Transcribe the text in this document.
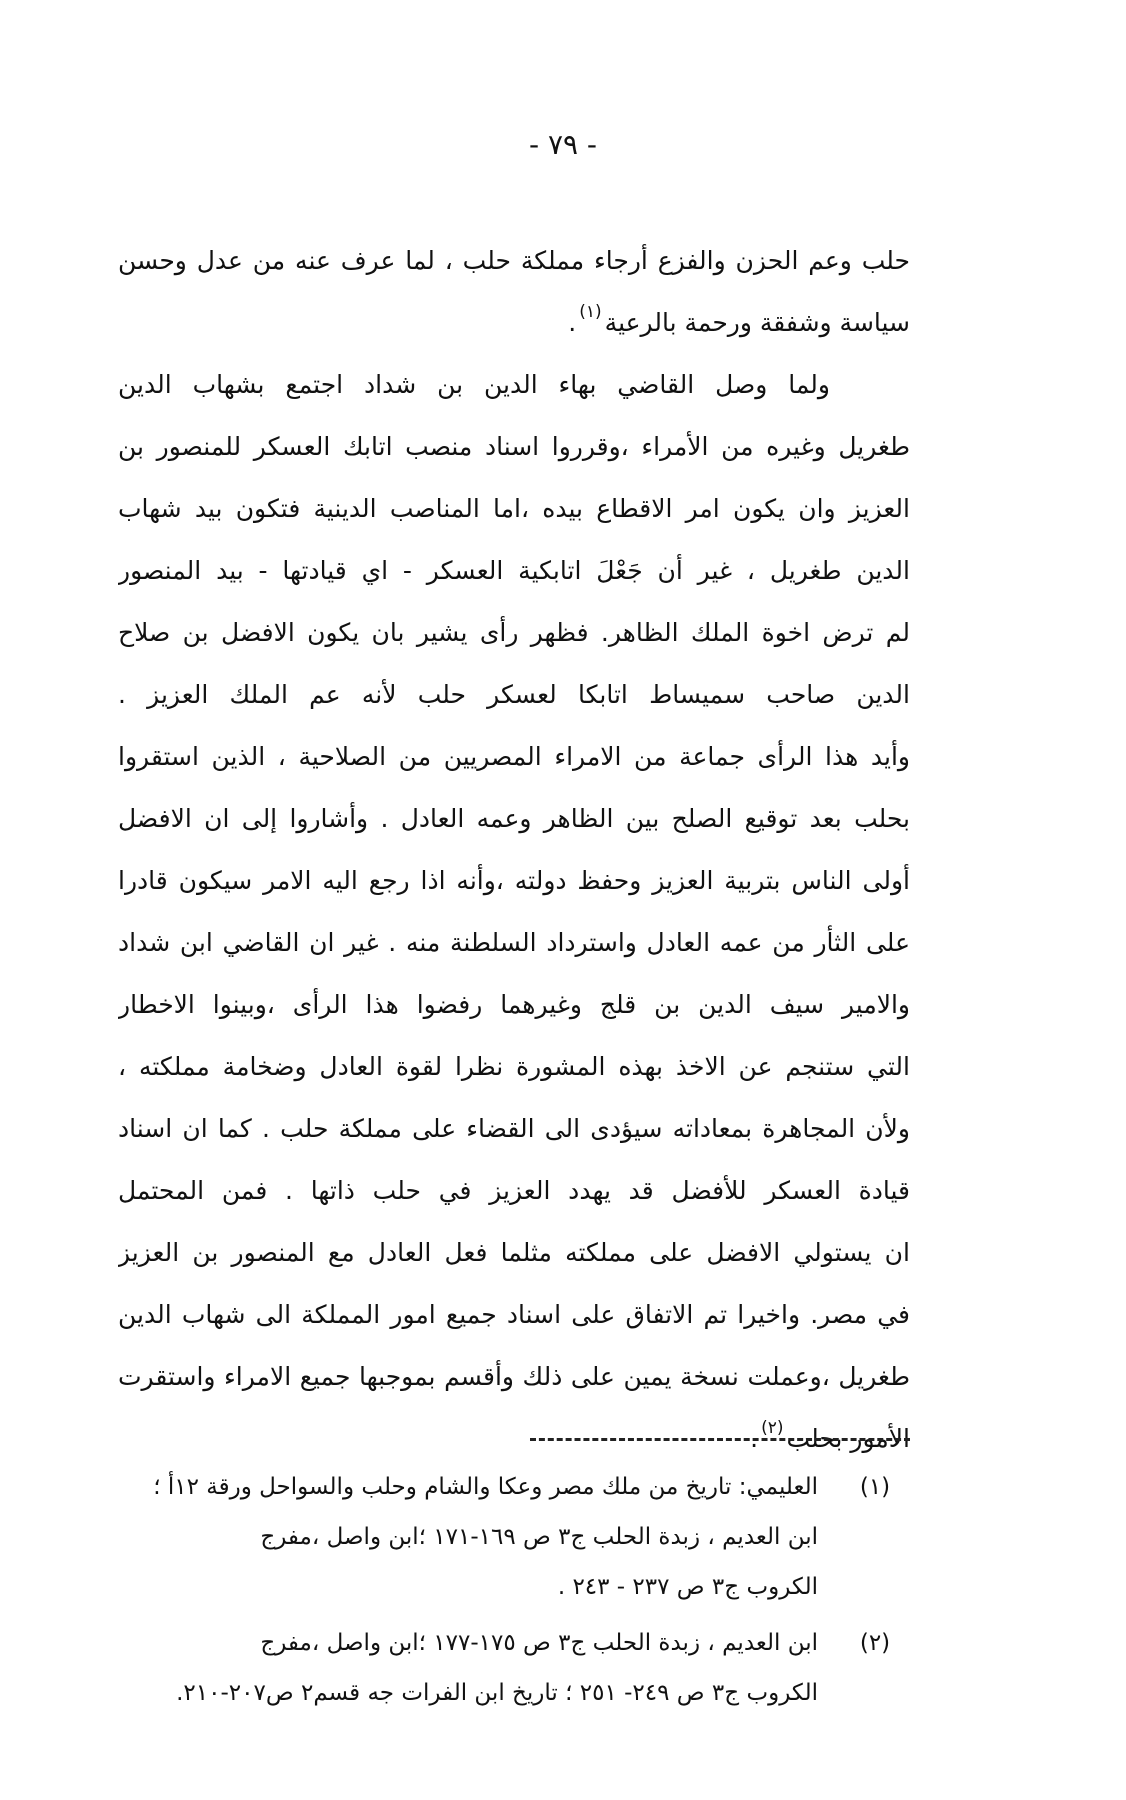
- ٧٩ -

حلب وعم الحزن والفزع أرجاء مملكة حلب ، لما عرف عنه من عدل وحسن
سياسة وشفقة ورحمة بالرعية$^{(١)}$.

ولما وصل القاضي بهاء الدين بن شداد اجتمع بشهاب الدين
طغريل وغيره من الأمراء ،وقرروا اسناد منصب اتابك العسكر للمنصور بن
العزيز وان يكون امر الاقطاع بيده ،اما المناصب الدينية فتكون بيد شهاب
الدين طغريل ، غير أن جَعْلَ اتابكية العسكر - اي قيادتها - بيد المنصور
لم ترض اخوة الملك الظاهر. فظهر رأى يشير بان يكون الافضل بن صلاح
الدين صاحب سميساط اتابكا لعسكر حلب لأنه عم الملك العزيز .
وأيد هذا الرأى جماعة من الامراء المصريين من الصلاحية ، الذين استقروا
بحلب بعد توقيع الصلح بين الظاهر وعمه العادل . وأشاروا إلى ان الافضل
أولى الناس بتربية العزيز وحفظ دولته ،وأنه اذا رجع اليه الامر سيكون قادرا
على الثأر من عمه العادل واسترداد السلطنة منه . غير ان القاضي ابن شداد
والامير سيف الدين بن قلج وغيرهما رفضوا هذا الرأى ،وبينوا الاخطار
التي ستنجم عن الاخذ بهذه المشورة نظرا لقوة العادل وضخامة مملكته ،
ولأن المجاهرة بمعاداته سيؤدى الى القضاء على مملكة حلب . كما ان اسناد
قيادة العسكر للأفضل قد يهدد العزيز في حلب ذاتها . فمن المحتمل
ان يستولي الافضل على مملكته مثلما فعل العادل مع المنصور بن العزيز
في مصر. واخيرا تم الاتفاق على اسناد جميع امور المملكة الى شهاب الدين
طغريل ،وعملت نسخة يمين على ذلك وأقسم بموجبها جميع الامراء واستقرت
الأمور بحلب$^{(٢)}$.

(١)
العليمي: تاريخ من ملك مصر وعكا والشام وحلب والسواحل ورقة ١٢أ ؛
ابن العديم ، زبدة الحلب ج٣ ص ١٦٩-١٧١ ؛ابن واصل ،مفرج
الكروب ج٣ ص ٢٣٧ - ٢٤٣ .
(٢)
ابن العديم ، زبدة الحلب ج٣ ص ١٧٥-١٧٧ ؛ابن واصل ،مفرج
الكروب ج٣ ص ٢٤٩- ٢٥١ ؛ تاريخ ابن الفرات جه قسم٢ ص٢٠٧-٢١٠.
